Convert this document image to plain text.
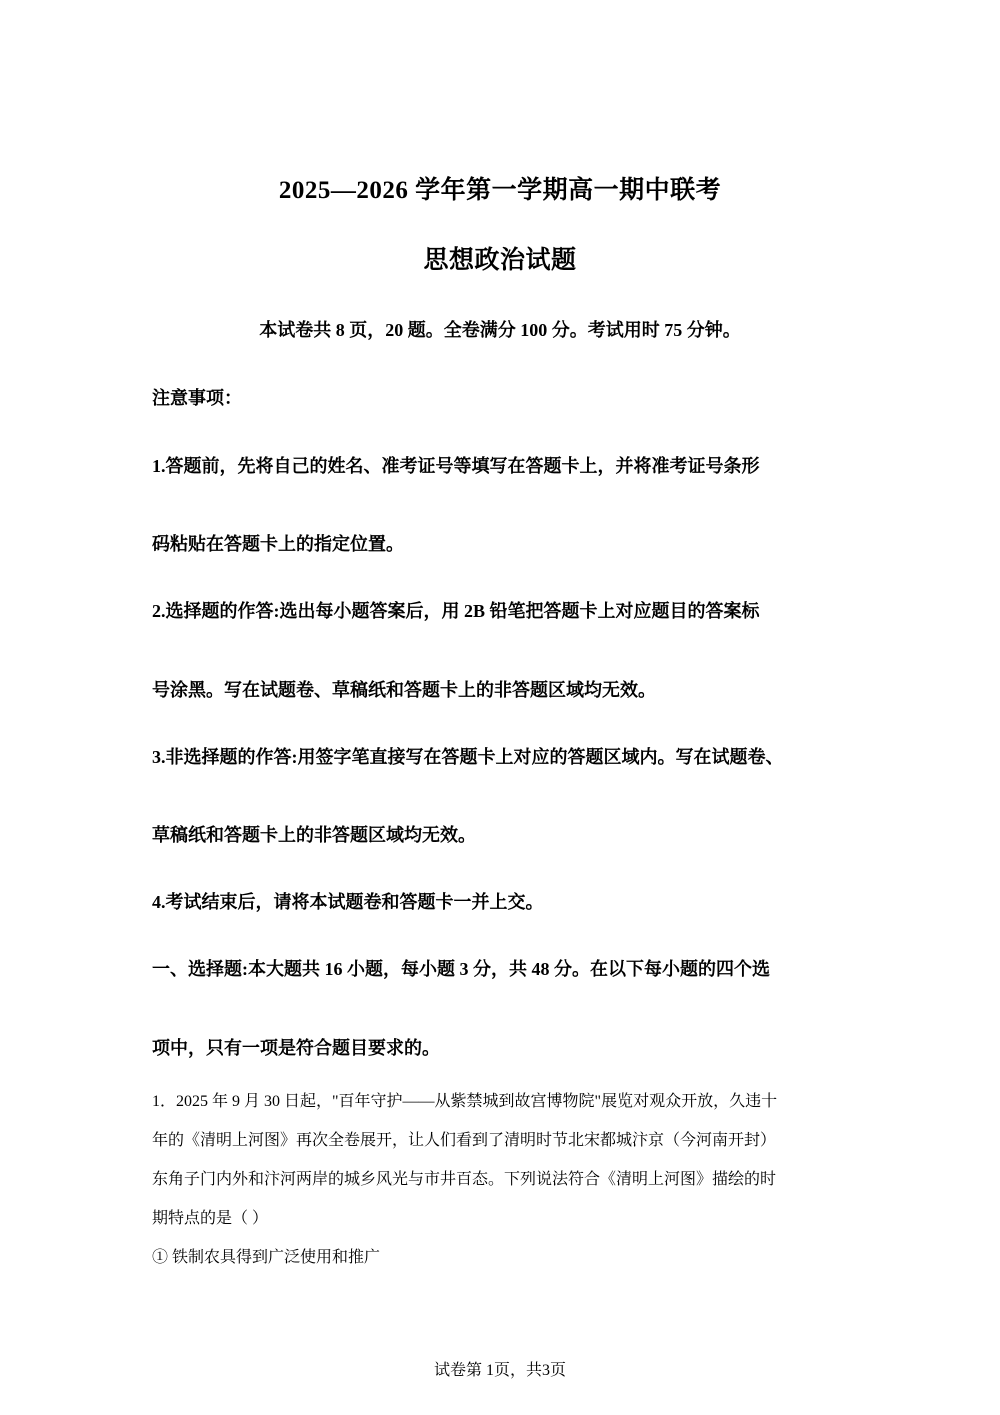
2025—2026 学年第一学期高一期中联考
思想政治试题
本试卷共 8 页，20 题。全卷满分 100 分。考试用时 75 分钟。
注意事项：
1.答题前，先将自己的姓名、准考证号等填写在答题卡上，并将准考证号条形
码粘贴在答题卡上的指定位置。
2.选择题的作答:选出每小题答案后，用 2B 铅笔把答题卡上对应题目的答案标
号涂黑。写在试题卷、草稿纸和答题卡上的非答题区域均无效。
3.非选择题的作答:用签字笔直接写在答题卡上对应的答题区域内。写在试题卷、
草稿纸和答题卡上的非答题区域均无效。
4.考试结束后，请将本试题卷和答题卡一并上交。
一、选择题:本大题共 16 小题，每小题 3 分，共 48 分。在以下每小题的四个选
项中，只有一项是符合题目要求的。
1．2025 年 9 月 30 日起，"百年守护——从紫禁城到故宫博物院"展览对观众开放，久违十
年的《清明上河图》再次全卷展开，让人们看到了清明时节北宋都城汴京（今河南开封）
东角子门内外和汴河两岸的城乡风光与市井百态。下列说法符合《清明上河图》描绘的时
期特点的是（ ）
① 铁制农具得到广泛使用和推广
试卷第 1页，共3页
